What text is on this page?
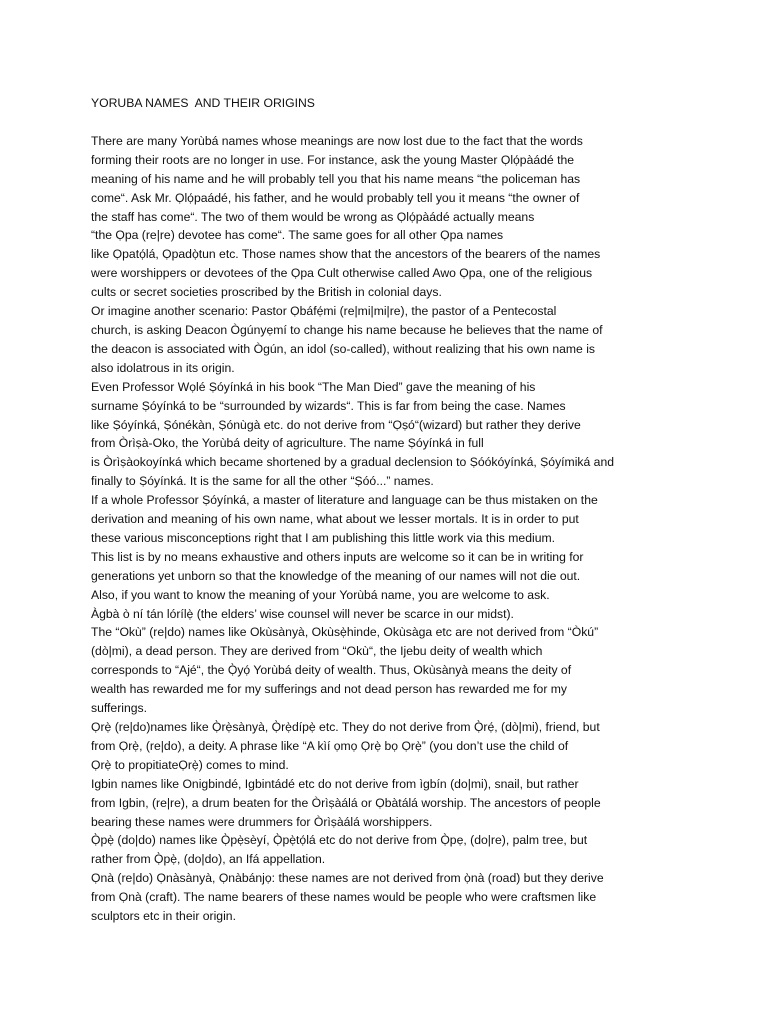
YORUBA NAMES  AND THEIR ORIGINS
There are many Yorùbá names whose meanings are now lost due to the fact that the words
forming their roots are no longer in use. For instance, ask the young Master Ọlọ́pàádé the
meaning of his name and he will probably tell you that his name means “the policeman has
come“. Ask Mr. Ọlọ́paádé, his father, and he would probably tell you it means “the owner of
the staff has come“. The two of them would be wrong as Ọlọ́pàádé actually means
“the Ọpa (re|re) devotee has come“. The same goes for all other Ọpa names
like Ọpatọ́lá, Ọpadọ̀tun etc. Those names show that the ancestors of the bearers of the names
were worshippers or devotees of the Ọpa Cult otherwise called Awo Ọpa, one of the religious
cults or secret societies proscribed by the British in colonial days.
Or imagine another scenario: Pastor Ọbáfẹ́mi (re|mi|mi|re), the pastor of a Pentecostal
church, is asking Deacon Ògúnyẹmí to change his name because he believes that the name of
the deacon is associated with Ògún, an idol (so-called), without realizing that his own name is
also idolatrous in its origin.
Even Professor Wọlé Ṣóyínká in his book “The Man Died” gave the meaning of his
surname Ṣóyínká to be “surrounded by wizards“. This is far from being the case. Names
like Ṣóyínká, Ṣónékàn, Ṣónùgà etc. do not derive from “Ọṣó“(wizard) but rather they derive
from Òrìṣà-Oko, the Yorùbá deity of agriculture. The name Ṣóyínká in full
is Òrìṣàokoyínká which became shortened by a gradual declension to Ṣóókóyínká, Ṣóyímiká and
finally to Ṣóyínká. It is the same for all the other “Ṣóó...” names.
If a whole Professor Ṣóyínká, a master of literature and language can be thus mistaken on the
derivation and meaning of his own name, what about we lesser mortals. It is in order to put
these various misconceptions right that I am publishing this little work via this medium.
This list is by no means exhaustive and others inputs are welcome so it can be in writing for
generations yet unborn so that the knowledge of the meaning of our names will not die out.
Also, if you want to know the meaning of your Yorùbá name, you are welcome to ask.
Àgbà ò ní tán lórílẹ̀ (the elders’ wise counsel will never be scarce in our midst).
The “Okù” (re|do) names like Okùsànyà, Okùsẹ̀hinde, Okùsàga etc are not derived from “Òkú”
(dò|mi), a dead person. They are derived from “Okù“, the Ijebu deity of wealth which
corresponds to “Ajé“, the Ọ̀yọ́ Yorùbá deity of wealth. Thus, Okùsànyà means the deity of
wealth has rewarded me for my sufferings and not dead person has rewarded me for my
sufferings.
Ọrẹ̀ (re|do)names like Ọ̀rẹ̀sànyà, Ọ̀rẹ̀dípẹ̀ etc. They do not derive from Ọ̀rẹ́, (dò|mi), friend, but
from Ọrẹ̀, (re|do), a deity. A phrase like “A kìí ọmọ Ọrẹ̀ bọ Ọrẹ̀” (you don’t use the child of
Ọrẹ̀ to propitiateỌrẹ̀) comes to mind.
Igbin names like Onigbindé, Igbintádé etc do not derive from ìgbín (do|mi), snail, but rather
from Igbin, (re|re), a drum beaten for the Òrìṣàálá or Ọbàtálá worship. The ancestors of people
bearing these names were drummers for Òrìṣàálá worshippers.
Ọ̀pẹ̀ (do|do) names like Ọ̀pẹ̀sèyí, Ọ̀pẹ̀tọ́lá etc do not derive from Ọ̀pẹ, (do|re), palm tree, but
rather from Ọ̀pẹ̀, (do|do), an Ifá appellation.
Ọnà (re|do) Ọnàsànyà, Ọnàbánjọ: these names are not derived from ọ̀nà (road) but they derive
from Ọnà (craft). The name bearers of these names would be people who were craftsmen like
sculptors etc in their origin.
